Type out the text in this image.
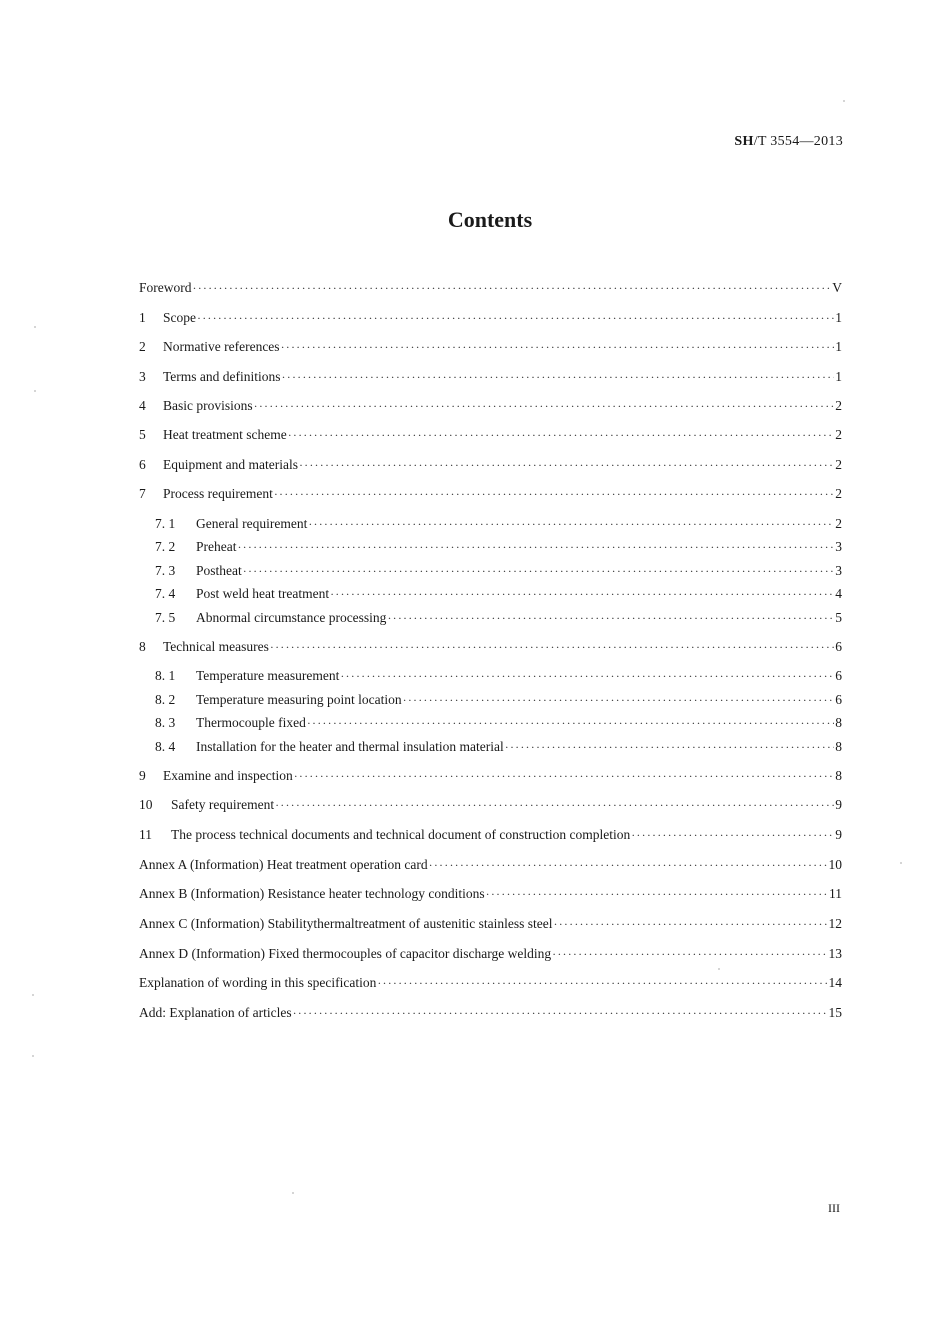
SH/T 3554—2013
Contents
Foreword ·····	V
1	Scope ·····	1
2	Normative references ·····	1
3	Terms and definitions ·····	1
4	Basic provisions ·····	2
5	Heat treatment scheme ·····	2
6	Equipment and materials ·····	2
7	Process requirement ·····	2
7. 1	General requirement ·····	2
7. 2	Preheat ·····	3
7. 3	Postheat ·····	3
7. 4	Post weld heat treatment ·····	4
7. 5	Abnormal circumstance processing ·····	5
8	Technical measures ·····	6
8. 1	Temperature measurement ·····	6
8. 2	Temperature measuring point location ·····	6
8. 3	Thermocouple fixed ·····	8
8. 4	Installation for the heater and thermal insulation material ·····	8
9	Examine and inspection ·····	8
10	Safety requirement ·····	9
11	The process technical documents and technical document of construction completion ·····	9
Annex A (Information) Heat treatment operation card ·····	10
Annex B (Information) Resistance heater technology conditions ·····	11
Annex C (Information) Stabilitythermaltreatment of austenitic stainless steel ·····	12
Annex D (Information) Fixed thermocouples of capacitor discharge welding ·····	13
Explanation of wording in this specification ·····	14
Add: Explanation of articles ·····	15
III
